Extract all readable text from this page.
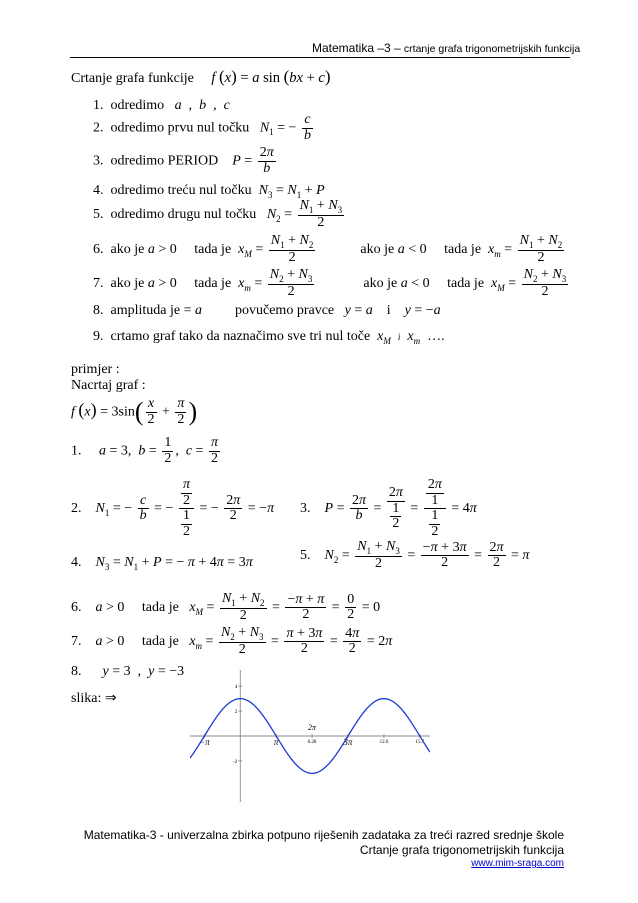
Matematika –3 – crtanje grafa trigonometrijskih funkcija
Crtanje grafa funkcije f (x) = a sin (bx + c)
1. odredimo a  ,  b  ,  c
2. odredimo prvu nul točku $N_1$ = − $\frac{c}{b}$
3. odredimo PERIOD $P = \frac{2\pi}{b}$
4. odredimo treću nul točku $N_3 = N_1 + P$
5. odredimo drugu nul točku $N_2 = \frac{N_1 + N_3}{2}$
6. ako je a > 0     tada je $x_M = \frac{N_1 + N_2}{2}$	ako je a < 0     tada je $x_m = \frac{N_1 + N_2}{2}$
7. ako je a > 0     tada je $x_m = \frac{N_2 + N_3}{2}$	ako je a < 0     tada je $x_M = \frac{N_2 + N_3}{2}$
8. amplituda je = a povučemo pravce y = a i y = −a
9. crtamo graf tako da naznačimo sve tri nul toče $x_M$ i $x_m$ ….
primjer :
Nacrtaj graf :
f $(x) = 3\sin( \frac{x}{2} + \frac{\pi}{2}$ )
1.     a = 3,  $b = \frac{1}{2}$ ,  $c = \frac{\pi}{2}$
2.    $N_1$ = − $\frac{c}{b}$ = − $\frac{\frac{\pi}{2}}{\frac{1}{2}}$ = − $\frac{2\pi}{2} = -\pi$ 3.    $P = \frac{2\pi}{b} = \frac{2\pi}{\frac{1}{2}} = \frac{\frac{2\pi}{1}}{\frac{1}{2}} = 4\pi$
4.    $N_3 = N_1 + P$ = − π + 4π = 3π	5.    $N_2 = \frac{N_1 + N_3}{2} = \frac{-\pi + 3\pi}{2} = \frac{2\pi}{2} = \pi$
6.    a > 0     tada je $x_M = \frac{N_1 + N_2}{2} = \frac{-\pi + \pi}{2} = \frac{0}{2} = 0$
7.    a > 0     tada je $x_m = \frac{N_2 + N_3}{2} = \frac{\pi + 3\pi}{2} = \frac{4\pi}{2} = 2\pi$
8.      y = 3  ,  y = −3
slika: ⇒
4
2
-2
−π	π	6.28
2π
3π	12.6	15.7
Matematika-3 - univerzalna zbirka potpuno riješenih zadataka za treći razred srednje škole
Crtanje grafa trigonometrijskih funkcija
www.mim-sraga.com
